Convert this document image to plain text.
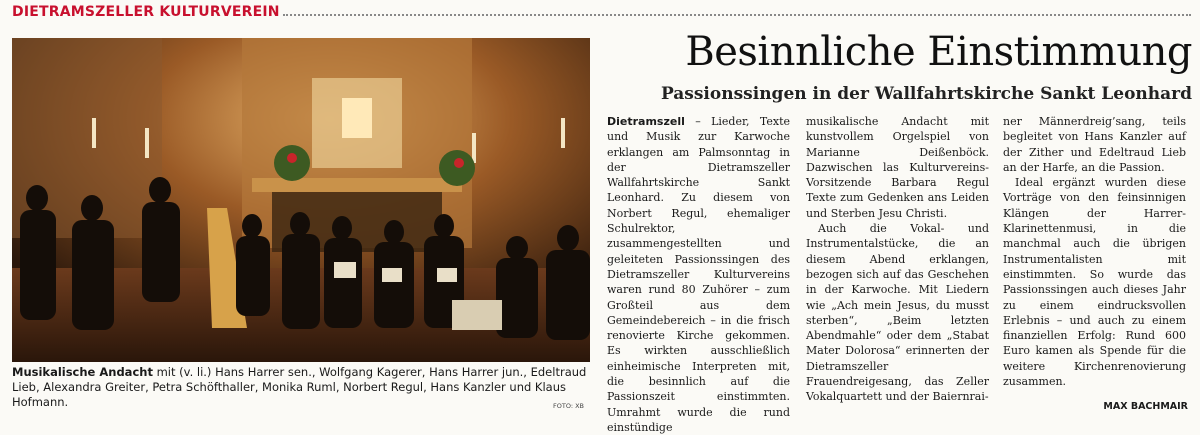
DIETRAMSZELLER KULTURVEREIN
Musikalische Andacht mit (v. li.) Hans Harrer sen., Wolfgang Kagerer, Hans Harrer jun., Edeltraud Lieb, Alexandra Greiter, Petra Schöfthaller, Monika Ruml, Norbert Regul, Hans Kanzler und Klaus Hofmann.	FOTO: XB
Besinnliche Einstimmung
Passionssingen in der Wallfahrtskirche Sankt Leonhard

Dietramszell – Lieder, Texte und Musik zur Karwoche erklangen am Palmsonntag in der Dietramszeller Wallfahrtskirche Sankt Leonhard. Zu diesem von Norbert Regul, ehemaliger Schulrektor, zusammengestellten und geleiteten Passionssingen des Dietramszeller Kulturvereins waren rund 80 Zuhörer – zum Großteil aus dem Gemeindebereich – in die frisch renovierte Kirche gekommen. Es wirkten ausschließlich einheimische Interpreten mit, die besinnlich auf die Passionszeit einstimmten. Umrahmt wurde die rund einstündige

musikalische Andacht mit kunstvollem Orgelspiel von Marianne Deißenböck. Dazwischen las Kulturvereins-Vorsitzende Barbara Regul Texte zum Gedenken ans Leiden und Sterben Jesu Christi.

Auch die Vokal- und Instrumentalstücke, die an diesem Abend erklangen, bezogen sich auf das Geschehen in der Karwoche. Mit Liedern wie „Ach mein Jesus, du musst sterben“, „Beim letzten Abendmahle“ oder dem „Stabat Mater Dolorosa“ erinnerten der Dietramszeller Frauendreigesang, das Zeller Vokalquartett und der Baiernrai-

ner Männerdreig’sang, teils begleitet von Hans Kanzler auf der Zither und Edeltraud Lieb an der Harfe, an die Passion.

Ideal ergänzt wurden diese Vorträge von den feinsinnigen Klängen der Harrer-Klarinettenmusi, in die manchmal auch die übrigen Instrumentalisten mit einstimmten. So wurde das Passionssingen auch dieses Jahr zu einem eindrucksvollen Erlebnis – und auch zu einem finanziellen Erfolg: Rund 600 Euro kamen als Spende für die weitere Kirchenrenovierung zusammen.

MAX BACHMAIR
